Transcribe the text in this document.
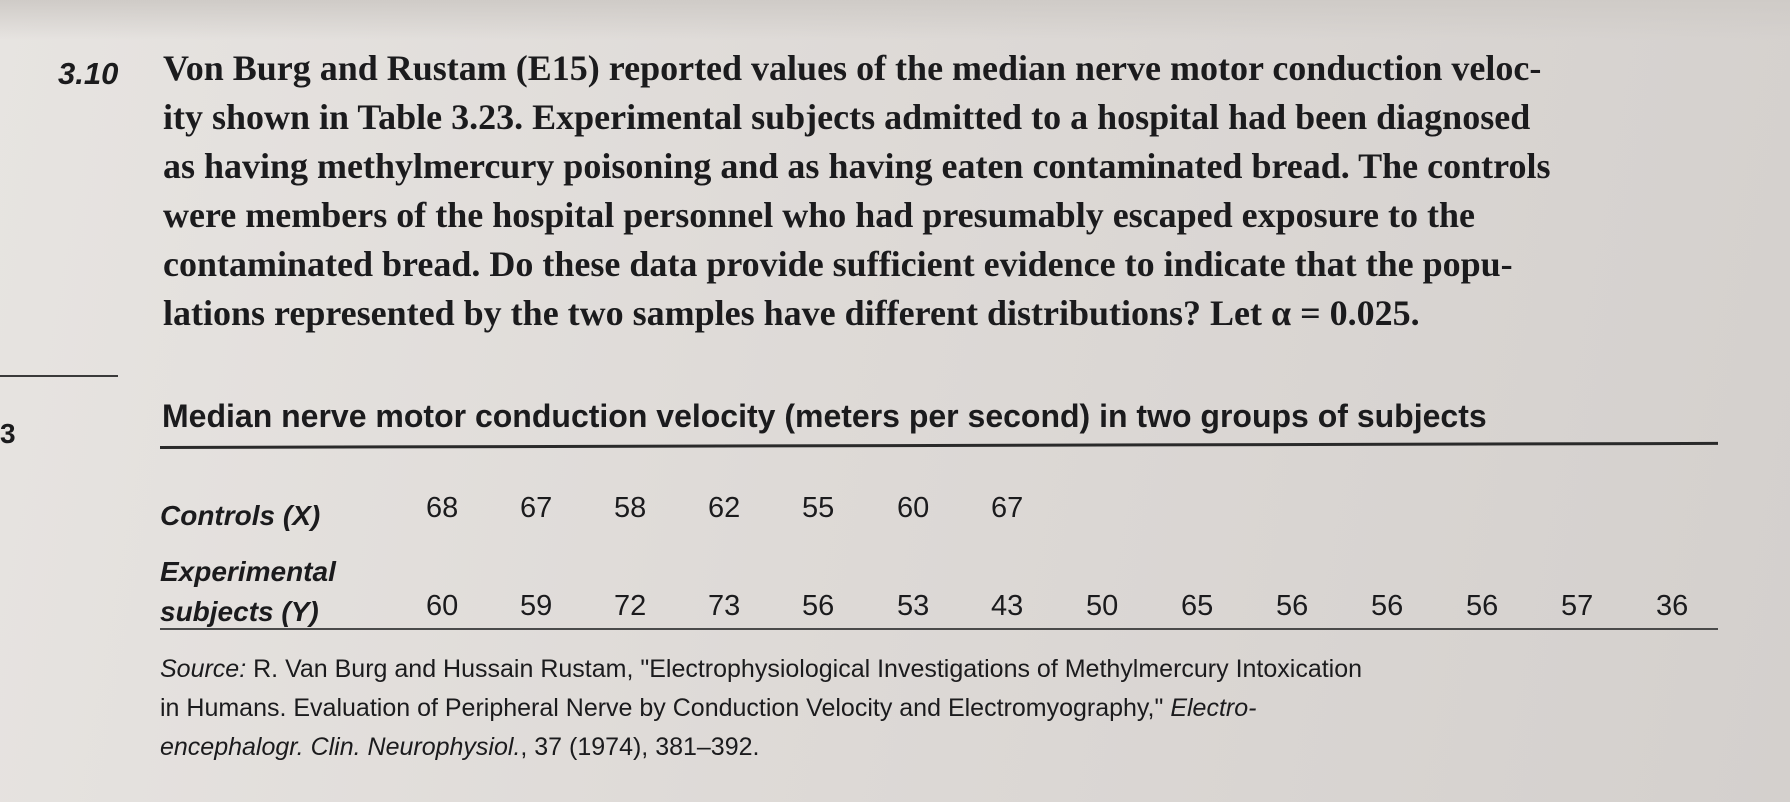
3.10 Von Burg and Rustam (E15) reported values of the median nerve motor conduction veloc-
ity shown in Table 3.23. Experimental subjects admitted to a hospital had been diagnosed
as having methylmercury poisoning and as having eaten contaminated bread. The controls
were members of the hospital personnel who had presumably escaped exposure to the
contaminated bread. Do these data provide sufficient evidence to indicate that the popu-
lations represented by the two samples have different distributions? Let α = 0.025.
3	Median nerve motor conduction velocity (meters per second) in two groups of subjects
Controls (X)	68 67 58 62 55 60 67
Experimental
subjects (Y)	60 59 72 73 56 53 43 50 65 56 56 56 57 36
Source: R. Van Burg and Hussain Rustam, "Electrophysiological Investigations of Methylmercury Intoxication
in Humans. Evaluation of Peripheral Nerve by Conduction Velocity and Electromyography," Electro-
encephalogr. Clin. Neurophysiol., 37 (1974), 381–392.
